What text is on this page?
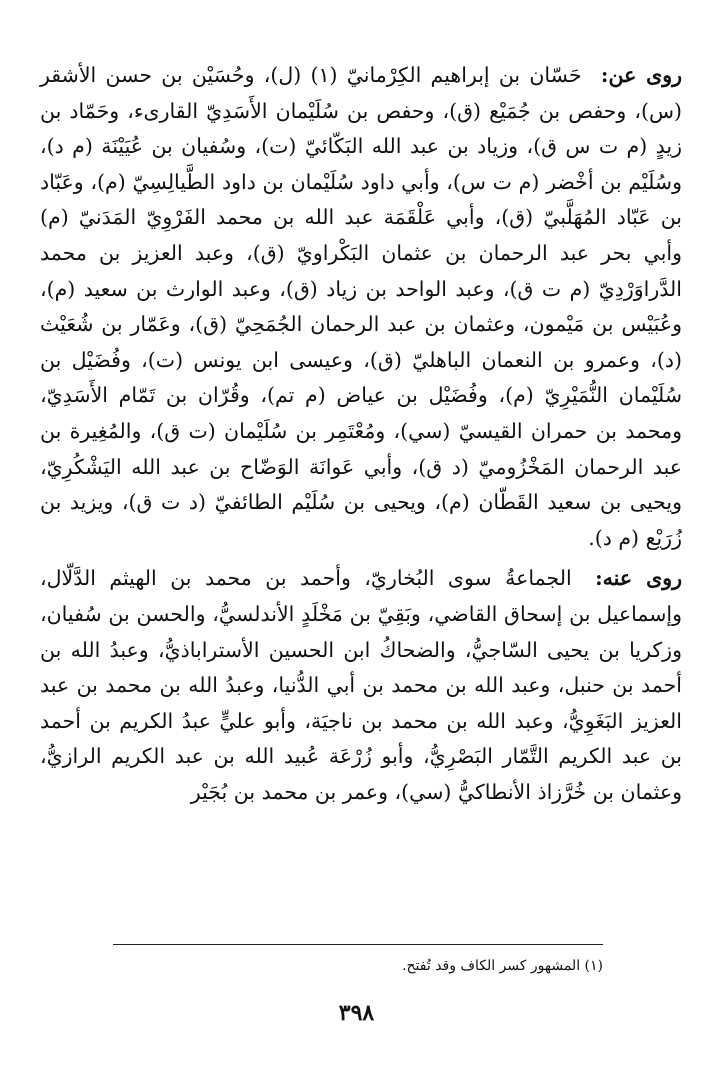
روى عن: حَسّان بن إبراهيم الكِرْمانيّ (١) (ل)، وحُسَيْن بن حسن الأشقر (س)، وحفص بن جُمَيْع (ق)، وحفص بن سُلَيْمان الأَسَدِيّ القارىء، وحَمّاد بن زيدٍ (م ت س ق)، وزياد بن عبد الله البَكّائيّ (ت)، وسُفيان بن عُيَيْنَة (م د)، وسُلَيْم بن أخْضر (م ت س)، وأبي داود سُلَيْمان بن داود الطَّيالِسِيّ (م)، وعَبّاد بن عَبّاد المُهَلَّبيّ (ق)، وأبي عَلْقَمَة عبد الله بن محمد الفَرْوِيّ المَدَنيّ (م) وأبي بحر عبد الرحمان بن عثمان البَكْراويّ (ق)، وعبد العزيز بن محمد الدَّراوَرْدِيّ (م ت ق)، وعبد الواحد بن زياد (ق)، وعبد الوارث بن سعيد (م)، وعُبَيْس بن مَيْمون، وعثمان بن عبد الرحمان الجُمَحِيّ (ق)، وعَمّار بن شُعَيْث (د)، وعمرو بن النعمان الباهليّ (ق)، وعيسى ابن يونس (ت)، وفُضَيْل بن سُلَيْمان النُّمَيْرِيّ (م)، وفُضَيْل بن عياض (م تم)، وقُرّان بن تَمّام الأَسَدِيّ، ومحمد بن حمران القيسيّ (سي)، ومُعْتَمِر بن سُلَيْمان (ت ق)، والمُغِيرة بن عبد الرحمان المَخْزُوميّ (د ق)، وأبي عَوانَة الوَضّاح بن عبد الله اليَشْكُرِيّ، ويحيى بن سعيد القَطّان (م)، ويحيى بن سُلَيْم الطائفيّ (د ت ق)، ويزيد بن زُرَيْع (م د).

روى عنه: الجماعةُ سوى البُخاريّ، وأحمد بن محمد بن الهيثم الدَّلّال، وإسماعيل بن إسحاق القاضي، وبَقِيّ بن مَخْلَدٍ الأندلسيُّ، والحسن بن سُفيان، وزكريا بن يحيى السّاجيُّ، والضحاكُ ابن الحسين الأستراباذيُّ، وعبدُ الله بن أحمد بن حنبل، وعبد الله بن محمد بن أبي الدُّنيا، وعبدُ الله بن محمد بن عبد العزيز البَغَوِيُّ، وعبد الله بن محمد بن ناجيَة، وأبو عليٍّ عبدُ الكريم بن أحمد بن عبد الكريم التَّمّار البَصْرِيُّ، وأبو زُرْعَة عُبيد الله بن عبد الكريم الرازيُّ، وعثمان بن خُرَّزاذ الأنطاكيُّ (سي)، وعمر بن محمد بن بُجَيْر

(١) المشهور كسر الكاف وقد تُفتح.
٣٩٨
